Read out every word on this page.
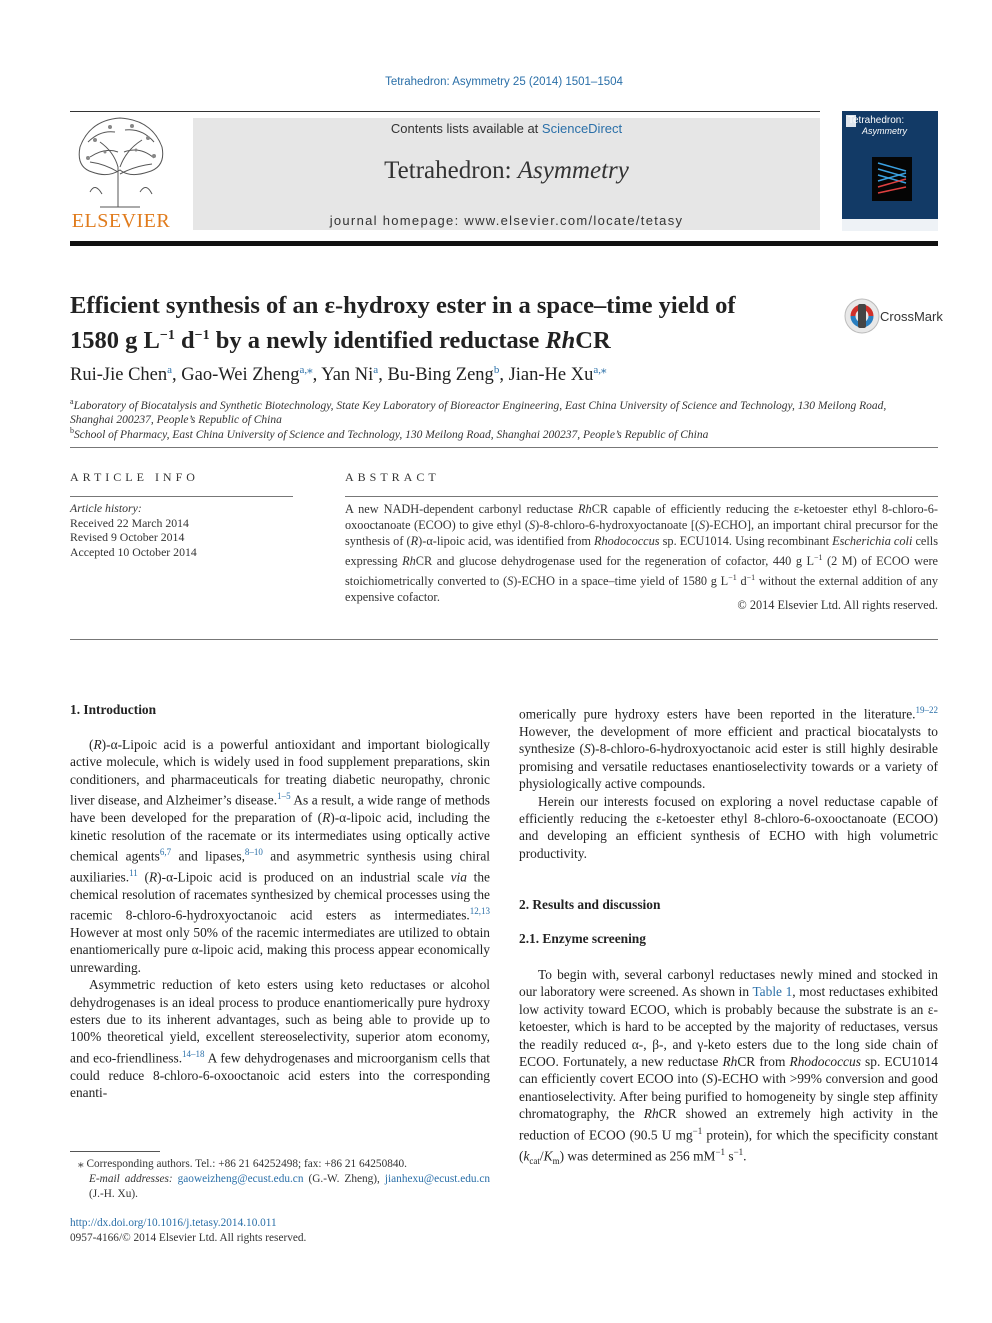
Tetrahedron: Asymmetry 25 (2014) 1501–1504
ELSEVIER
Contents lists available at ScienceDirect
Tetrahedron: Asymmetry
journal homepage: www.elsevier.com/locate/tetasy
Tetrahedron:
Asymmetry
Efficient synthesis of an ε-hydroxy ester in a space–time yield of
1580 g $L^{-1}$ $d^{-1}$ by a newly identified reductase RhCR
CrossMark
Rui-Jie Chen$^a$, Gao-Wei Zheng$^{a,⁎}$, Yan Ni$^a$, Bu-Bing Zeng$^b$, Jian-He $Xu^{a,⁎}$
$^a$Laboratory of Biocatalysis and Synthetic Biotechnology, State Key Laboratory of Bioreactor Engineering, East China University of Science and Technology, 130 Meilong Road,
Shanghai 200237, People’s Republic of China
$^b$School of Pharmacy, East China University of Science and Technology, 130 Meilong Road, Shanghai 200237, People’s Republic of China
ARTICLE INFO
Article history:
Received 22 March 2014
Revised 9 October 2014
Accepted 10 October 2014
ABSTRACT
A new NADH-dependent carbonyl reductase RhCR capable of efficiently reducing the ε-ketoester ethyl 8-chloro-6-oxooctanoate (ECOO) to give ethyl (S)-8-chloro-6-hydroxyoctanoate [(S)-ECHO], an important chiral precursor for the synthesis of (R)-α-lipoic acid, was identified from Rhodococcus sp. ECU1014. Using recombinant Escherichia coli cells expressing RhCR and glucose dehydrogenase used for the regeneration of cofactor, 440 g $L^{-1}$ (2 M) of ECOO were stoichiometrically converted to (S)-ECHO in a space–time yield of 1580 g $L^{-1}$ $d^{-1}$ without the external addition of any expensive cofactor.
© 2014 Elsevier Ltd. All rights reserved.
1. Introduction

(R)-α-Lipoic acid is a powerful antioxidant and important biologically active molecule, which is widely used in food supplement preparations, skin conditioners, and pharmaceuticals for treating diabetic neuropathy, chronic liver disease, and Alzheimer’s disease.$^{1-5}$ As a result, a wide range of methods have been developed for the preparation of (R)-α-lipoic acid, including the kinetic resolution of the racemate or its intermediates using optically active chemical agents$^{6,7}$ and lipases,$^{8-10}$ and asymmetric synthesis using chiral auxiliaries.$^{11}$ (R)-α-Lipoic acid is produced on an industrial scale via the chemical resolution of racemates synthesized by chemical processes using the racemic 8-chloro-6-hydroxyoctanoic acid esters as intermediates.$^{12,13}$ However at most only 50% of the racemic intermediates are utilized to obtain enantiomerically pure α-lipoic acid, making this process appear economically unrewarding.

Asymmetric reduction of keto esters using keto reductases or alcohol dehydrogenases is an ideal process to produce enantiomerically pure hydroxy esters due to its inherent advantages, such as being able to provide up to 100% theoretical yield, excellent stereoselectivity, superior atom economy, and eco-friendliness.$^{14-18}$ A few dehydrogenases and microorganism cells that could reduce 8-chloro-6-oxooctanoic acid esters into the corresponding enanti-

⁎ Corresponding authors. Tel.: +86 21 64252498; fax: +86 21 64250840.
E-mail addresses: gaoweizheng@ecust.edu.cn (G.-W. Zheng), jianhexu@ecust.edu.cn (J.-H. Xu).
http://dx.doi.org/10.1016/j.tetasy.2014.10.011
0957-4166/© 2014 Elsevier Ltd. All rights reserved.

omerically pure hydroxy esters have been reported in the literature.$^{19-22}$ However, the development of more efficient and practical biocatalysts to synthesize (S)-8-chloro-6-hydroxyoctanoic acid ester is still highly desirable promising and versatile reductases enantioselectivity towards or a variety of physiologically active compounds.

Herein our interests focused on exploring a novel reductase capable of efficiently reducing the ε-ketoester ethyl 8-chloro-6-oxooctanoate (ECOO) and developing an efficient synthesis of ECHO with high volumetric productivity.

2. Results and discussion
2.1. Enzyme screening

To begin with, several carbonyl reductases newly mined and stocked in our laboratory were screened. As shown in Table 1, most reductases exhibited low activity toward ECOO, which is probably because the substrate is an ε-ketoester, which is hard to be accepted by the majority of reductases, versus the readily reduced α-, β-, and γ-keto esters due to the long side chain of ECOO. Fortunately, a new reductase RhCR from Rhodococcus sp. ECU1014 can efficiently covert ECOO into (S)-ECHO with >99% conversion and good enantioselectivity. After being purified to homogeneity by single step affinity chromatography, the RhCR showed an extremely high activity in the reduction of ECOO (90.5 U $mg^{-1}$ protein), for which the specificity constant $(k_{cat}/K_m)$ was determined as 256 $mM^{-1}$ $s^{-1}$.
